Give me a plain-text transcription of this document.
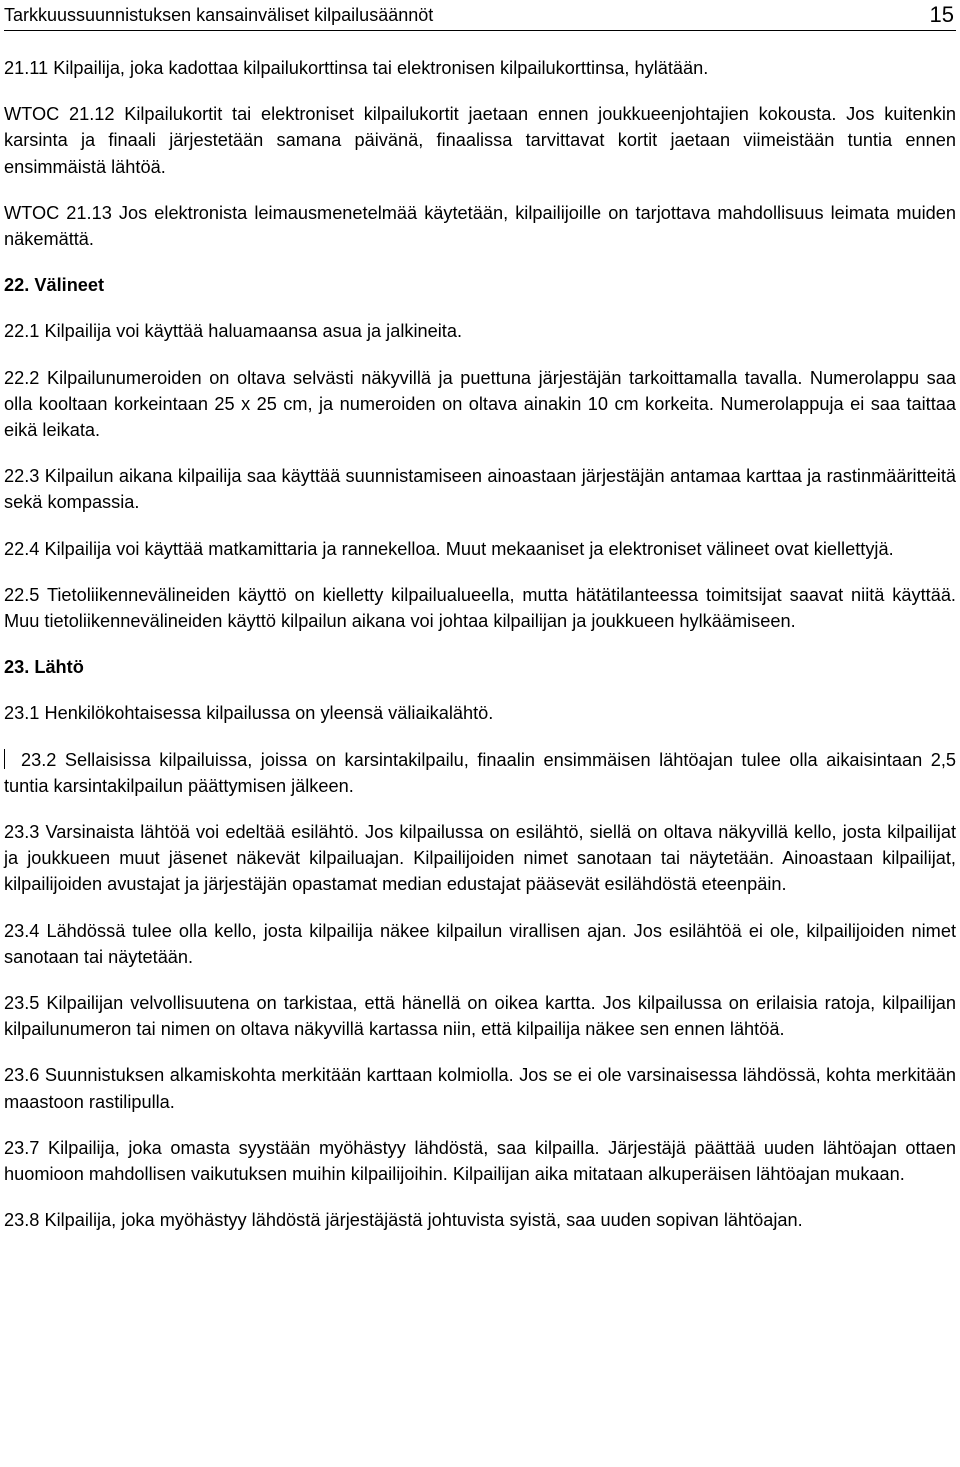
Tarkkuussuunnistuksen kansainväliset kilpailusäännöt	15

21.11 Kilpailija, joka kadottaa kilpailukorttinsa tai elektronisen kilpailukorttinsa, hylätään.

WTOC 21.12 Kilpailukortit tai elektroniset kilpailukortit jaetaan ennen joukkueenjohtajien kokousta. Jos kuitenkin karsinta ja finaali järjestetään samana päivänä, finaalissa tarvittavat kortit jaetaan viimeistään tuntia ennen ensimmäistä lähtöä.

WTOC 21.13 Jos elektronista leimausmenetelmää käytetään, kilpailijoille on tarjottava mahdollisuus leimata muiden näkemättä.

22. Välineet

22.1 Kilpailija voi käyttää haluamaansa asua ja jalkineita.

22.2 Kilpailunumeroiden on oltava selvästi näkyvillä ja puettuna järjestäjän tarkoittamalla tavalla. Numerolappu saa olla kooltaan korkeintaan 25 x 25 cm, ja numeroiden on oltava ainakin 10 cm korkeita. Numerolappuja ei saa taittaa eikä leikata.

22.3 Kilpailun aikana kilpailija saa käyttää suunnistamiseen ainoastaan järjestäjän antamaa karttaa ja rastinmääritteitä sekä kompassia.

22.4 Kilpailija voi käyttää matkamittaria ja rannekelloa. Muut mekaaniset ja elektroniset välineet ovat kiellettyjä.

22.5 Tietoliikennevälineiden käyttö on kielletty kilpailualueella, mutta hätätilanteessa toimitsijat saavat niitä käyttää. Muu tietoliikennevälineiden käyttö kilpailun aikana voi johtaa kilpailijan ja joukkueen hylkäämiseen.

23. Lähtö

23.1 Henkilökohtaisessa kilpailussa on yleensä väliaikalähtö.

23.2 Sellaisissa kilpailuissa, joissa on karsintakilpailu, finaalin ensimmäisen lähtöajan tulee olla aikaisintaan 2,5 tuntia karsintakilpailun päättymisen jälkeen.

23.3 Varsinaista lähtöä voi edeltää esilähtö. Jos kilpailussa on esilähtö, siellä on oltava näkyvillä kello, josta kilpailijat ja joukkueen muut jäsenet näkevät kilpailuajan. Kilpailijoiden nimet sanotaan tai näytetään. Ainoastaan kilpailijat, kilpailijoiden avustajat ja järjestäjän opastamat median edustajat pääsevät esilähdöstä eteenpäin.

23.4 Lähdössä tulee olla kello, josta kilpailija näkee kilpailun virallisen ajan. Jos esilähtöä ei ole, kilpailijoiden nimet sanotaan tai näytetään.

23.5 Kilpailijan velvollisuutena on tarkistaa, että hänellä on oikea kartta. Jos kilpailussa on erilaisia ratoja, kilpailijan kilpailunumeron tai nimen on oltava näkyvillä kartassa niin, että kilpailija näkee sen ennen lähtöä.

23.6 Suunnistuksen alkamiskohta merkitään karttaan kolmiolla. Jos se ei ole varsinaisessa lähdössä, kohta merkitään maastoon rastilipulla.

23.7 Kilpailija, joka omasta syystään myöhästyy lähdöstä, saa kilpailla. Järjestäjä päättää uuden lähtöajan ottaen huomioon mahdollisen vaikutuksen muihin kilpailijoihin. Kilpailijan aika mitataan alkuperäisen lähtöajan mukaan.

23.8 Kilpailija, joka myöhästyy lähdöstä järjestäjästä johtuvista syistä, saa uuden sopivan lähtöajan.
